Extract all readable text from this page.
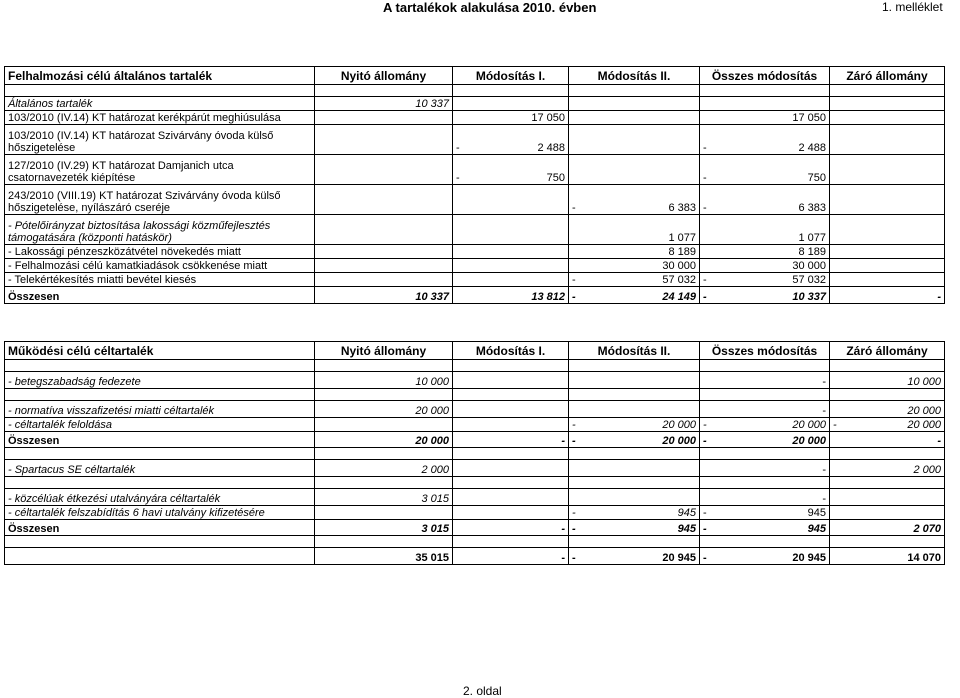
A tartalékok alakulása 2010. évben	1. melléklet
Felhalmozási célú általános tartalék	Nyitó állomány	Módosítás I.	Módosítás II.	Összes módosítás	Záró állomány

Általános tartalék	10 337				
103/2010 (IV.14) KT határozat kerékpárút meghiúsulása		17 050		17 050	
103/2010 (IV.14) KT határozat Szivárvány óvoda külső hőszigetelése		- 2 488		- 2 488	

127/2010 (IV.29) KT határozat Damjanich utca csatornavezeték kiépítése		- 750		- 750	

243/2010 (VIII.19) KT határozat Szivárvány óvoda külső hőszigetelése, nyílászáró cseréje			- 6 383	- 6 383	

- Pótelőirányzat biztosítása lakossági közműfejlesztés támogatására (központi hatáskör)			1 077	1 077	
- Lakossági pénzeszközátvétel növekedés miatt			8 189	8 189	
- Felhalmozási célú kamatkiadások csökkenése miatt			30 000	30 000	
- Telekértékesítés miatti bevétel kiesés			- 57 032	- 57 032	

Összesen	10 337	13 812	- 24 149	- 10 337	-
Működési célú céltartalék	Nyitó állomány	Módosítás I.	Módosítás II.	Összes módosítás	Záró állomány

- betegszabadság fedezete	10 000			-	10 000

- normatíva visszafizetési miatti céltartalék	20 000			-	20 000
- céltartalék feloldása			- 20 000	- 20 000	- 20 000

Összesen	20 000	-	- 20 000	- 20 000	-

- Spartacus SE céltartalék	2 000			-	2 000

- közcélúak étkezési utalványára céltartalék	3 015			-	
- céltartalék felszabídítás 6 havi utalvány kifizetésére			- 945	- 945	

Összesen	3 015	-	- 945	- 945	2 070

	35 015	-	- 20 945	- 20 945	14 070
2. oldal
